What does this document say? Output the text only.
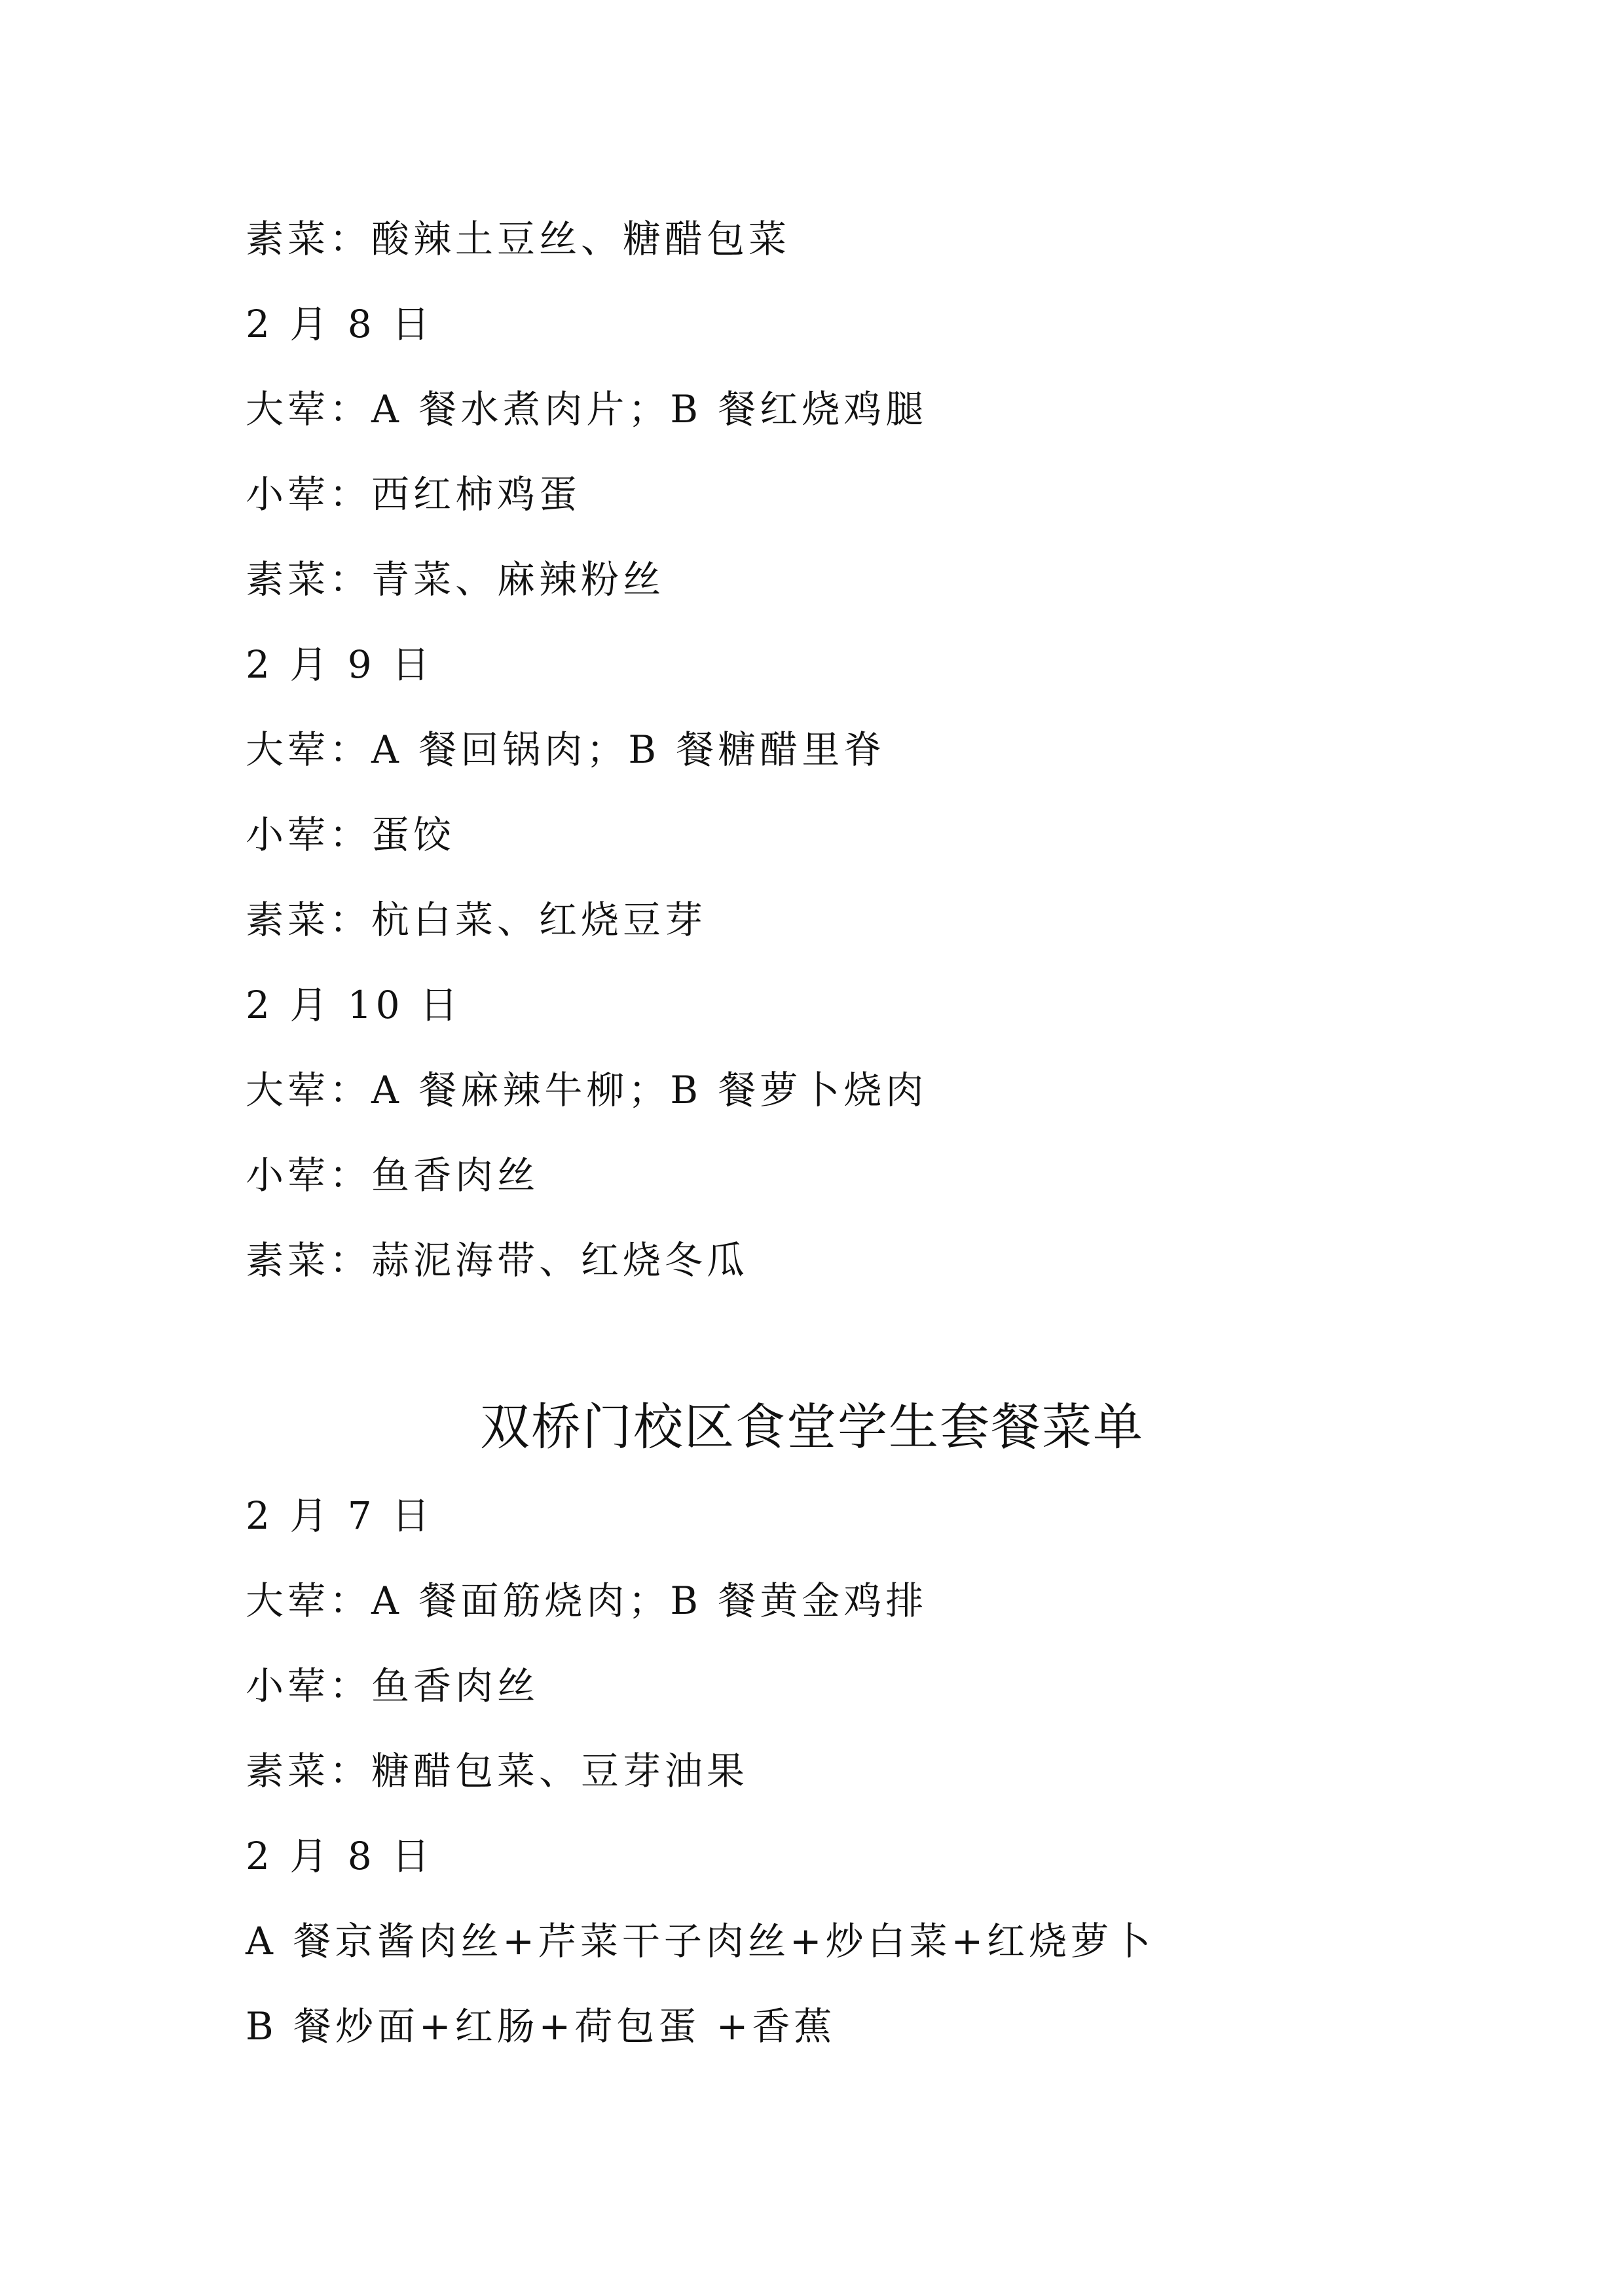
素菜：酸辣土豆丝、糖醋包菜
2 月 8 日
大荤：A 餐水煮肉片；B 餐红烧鸡腿
小荤：西红柿鸡蛋
素菜：青菜、麻辣粉丝
2 月 9 日
大荤：A 餐回锅肉；B 餐糖醋里脊
小荤：蛋饺
素菜：杭白菜、红烧豆芽
2 月 10 日
大荤：A 餐麻辣牛柳；B 餐萝卜烧肉
小荤：鱼香肉丝
素菜：蒜泥海带、红烧冬瓜
双桥门校区食堂学生套餐菜单
2 月 7 日
大荤：A 餐面筋烧肉；B 餐黄金鸡排
小荤：鱼香肉丝
素菜：糖醋包菜、豆芽油果
2 月 8 日
A 餐京酱肉丝+芹菜干子肉丝+炒白菜+红烧萝卜
B 餐炒面+红肠+荷包蛋 +香蕉
